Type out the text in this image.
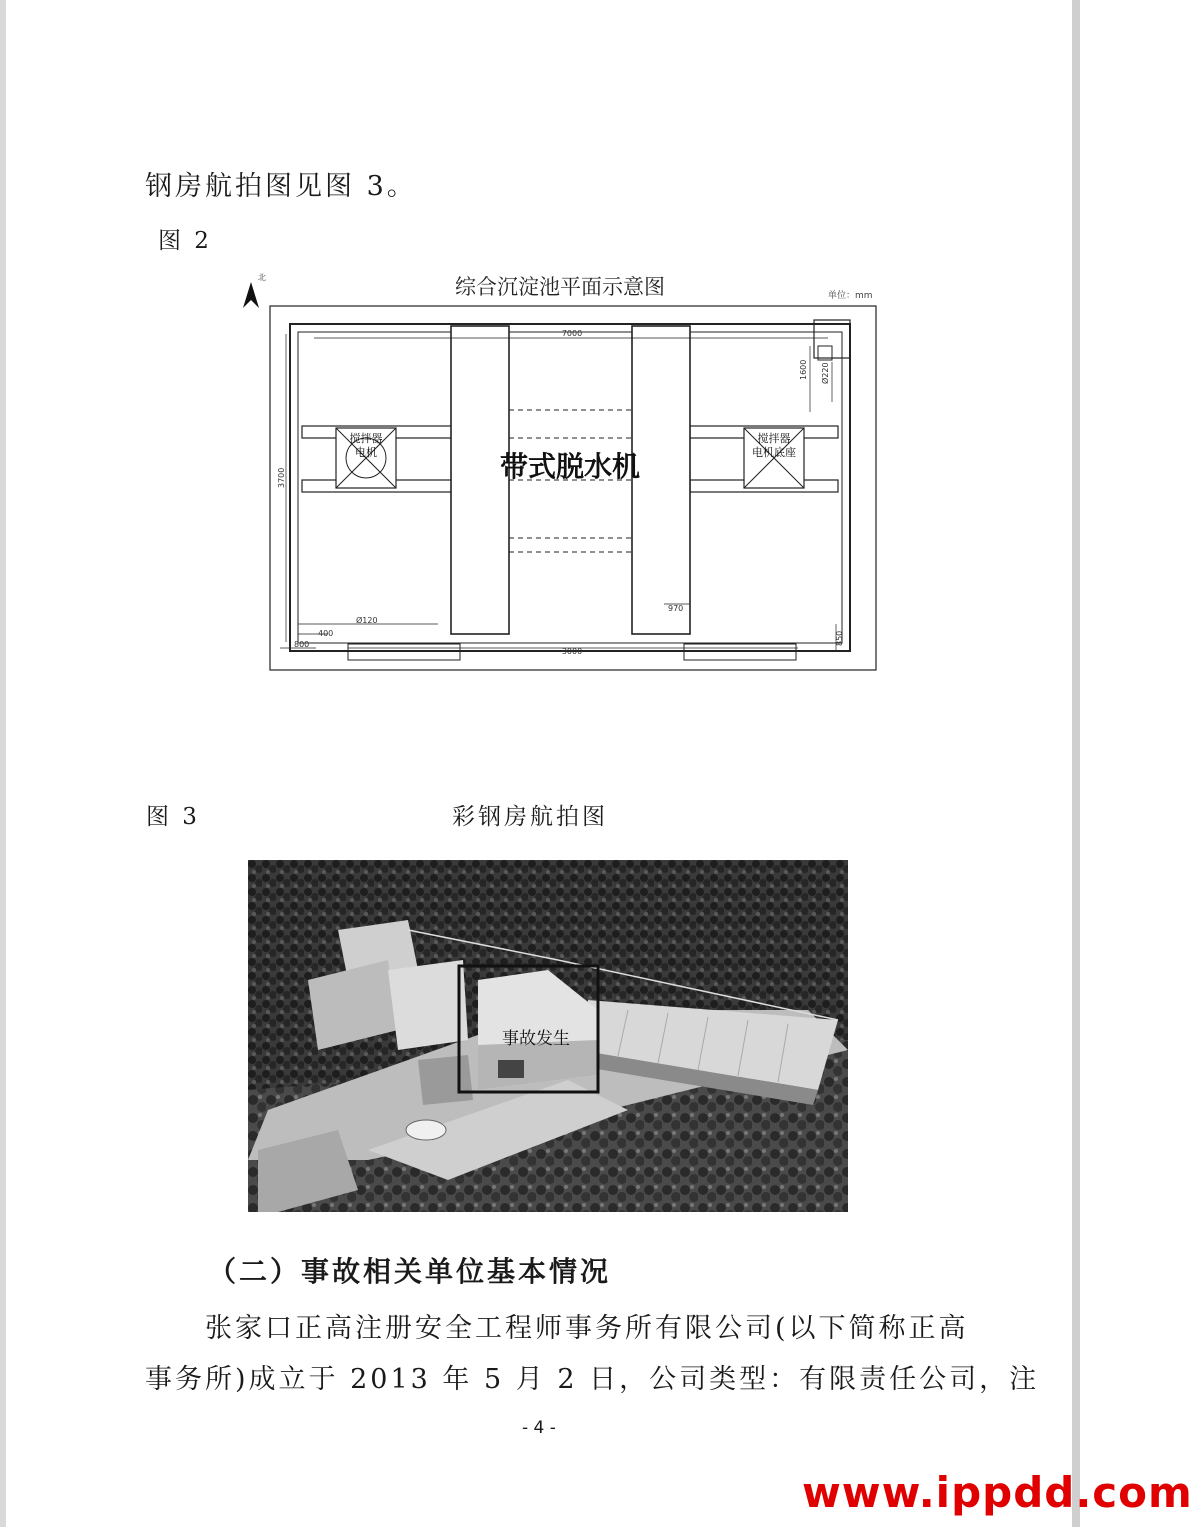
钢房航拍图见图 3。
图 2
北	综合沉淀池平面示意图	单位：mm
带式脱水机
搅拌器
电机
搅拌器
电机底座
7000
1600 Ø220
3700
Ø120
400
800
3000
970
850
图 3	彩钢房航拍图
事故发生
（二）事故相关单位基本情况
张家口正高注册安全工程师事务所有限公司(以下简称正高
事务所)成立于 2013 年 5 月 2 日，公司类型：有限责任公司，注
- 4 -
www.ippdd.com
